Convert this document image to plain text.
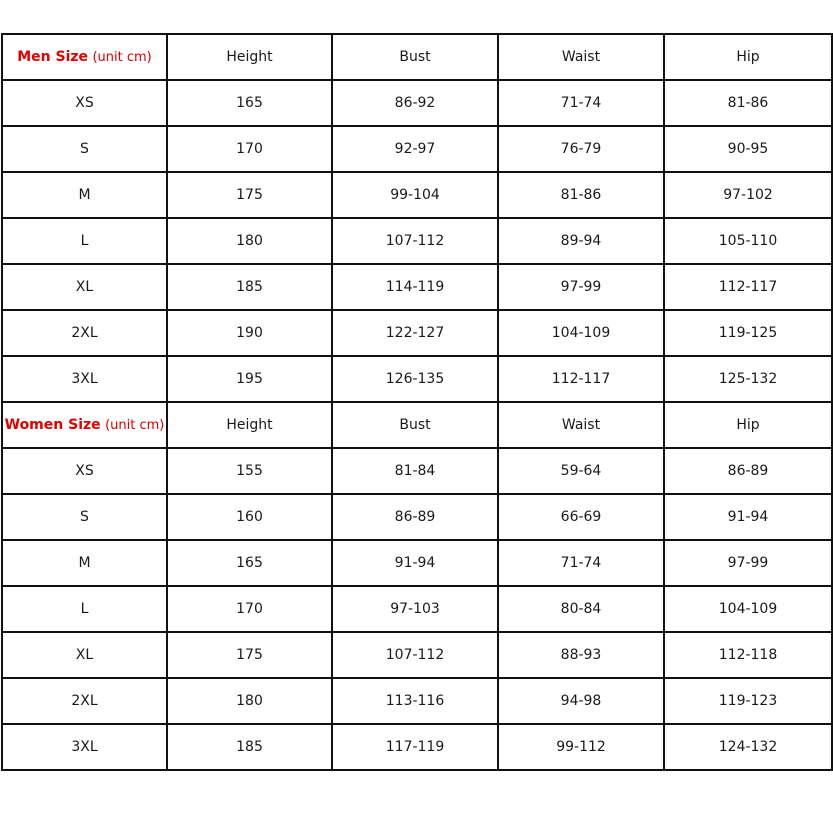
Men Size (unit cm)	Height	Bust	Waist	Hip
XS	165	86-92	71-74	81-86
S	170	92-97	76-79	90-95
M	175	99-104	81-86	97-102
L	180	107-112	89-94	105-110
XL	185	114-119	97-99	112-117
2XL	190	122-127	104-109	119-125
3XL	195	126-135	112-117	125-132
Women Size (unit cm)	Height	Bust	Waist	Hip
XS	155	81-84	59-64	86-89
S	160	86-89	66-69	91-94
M	165	91-94	71-74	97-99
L	170	97-103	80-84	104-109
XL	175	107-112	88-93	112-118
2XL	180	113-116	94-98	119-123
3XL	185	117-119	99-112	124-132
